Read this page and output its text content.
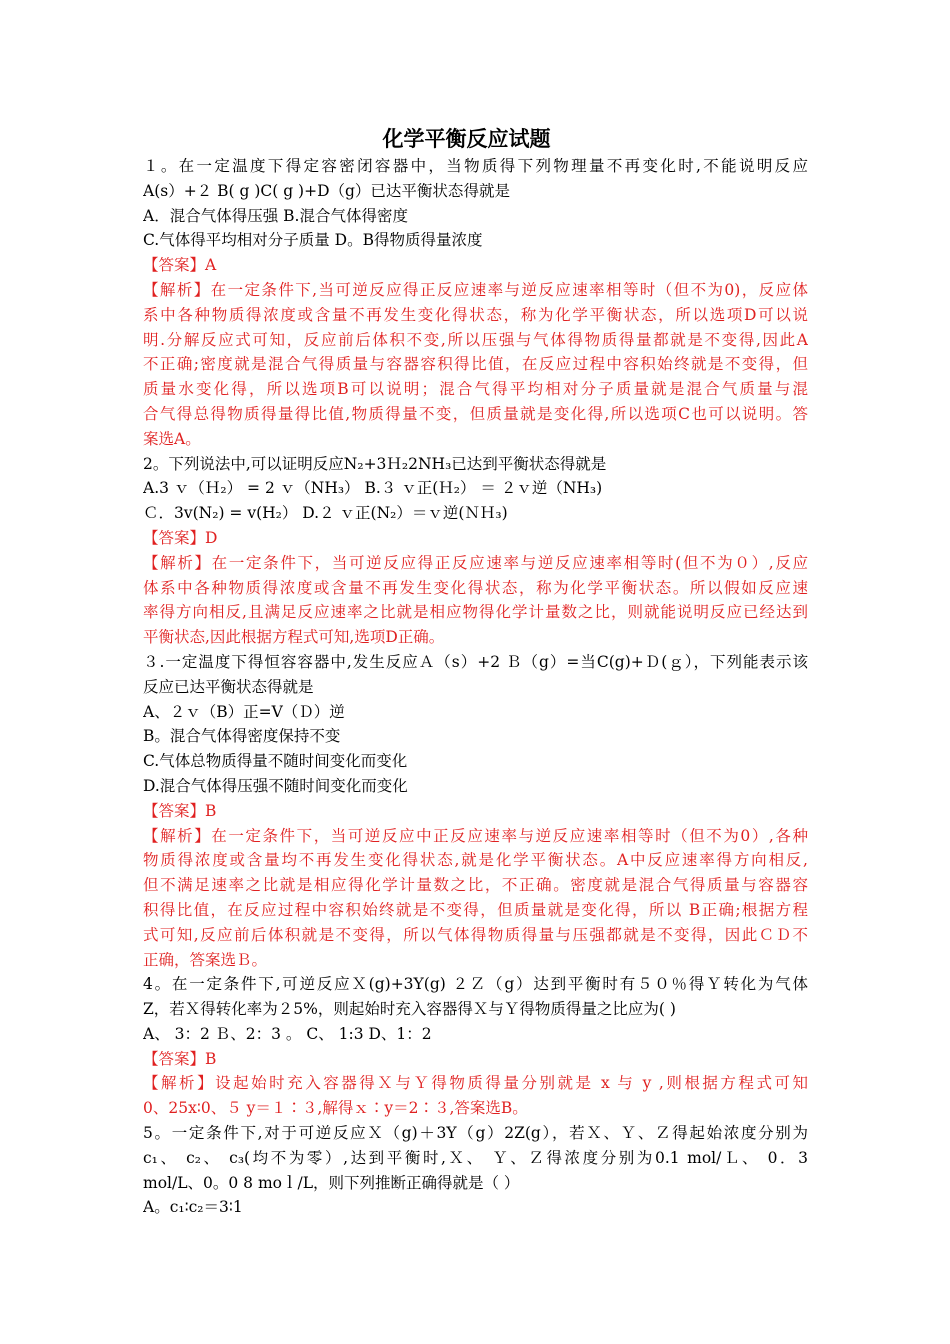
化学平衡反应试题
１。在一定温度下得定容密闭容器中，当物质得下列物理量不再变化时,不能说明反应
A(s）+２ B( g )C( g )+D（g）已达平衡状态得就是
A．混合气体得压强 B.混合气体得密度
C.气体得平均相对分子质量 D。B得物质得量浓度
【答案】A
【解析】在一定条件下,当可逆反应得正反应速率与逆反应速率相等时（但不为0)，反应体
系中各种物质得浓度或含量不再发生变化得状态，称为化学平衡状态，所以选项D可以说
明.分解反应式可知，反应前后体积不变,所以压强与气体得物质得量都就是不变得,因此A
不正确;密度就是混合气得质量与容器容积得比值，在反应过程中容积始终就是不变得，但
质量水变化得，所以选项B可以说明；混合气得平均相对分子质量就是混合气质量与混
合气得总得物质得量得比值,物质得量不变，但质量就是变化得,所以选项C也可以说明。答
案选A。
2。下列说法中,可以证明反应N₂+3Ｈ₂2NH₃已达到平衡状态得就是
A.3 ｖ（Ｈ₂） = 2 ｖ（NH₃） B.３ ｖ正(Ｈ₂） ＝ ２ｖ逆（NH₃)
Ｃ．3v(N₂) = v(H₂） D.２ ｖ正(N₂）＝ｖ逆(ＮＨ₃)
【答案】D
【解析】在一定条件下，当可逆反应得正反应速率与逆反应速率相等时(但不为０）,反应
体系中各种物质得浓度或含量不再发生变化得状态，称为化学平衡状态。所以假如反应速
率得方向相反,且满足反应速率之比就是相应物得化学计量数之比，则就能说明反应已经达到
平衡状态,因此根据方程式可知,选项D正确。
３.一定温度下得恒容容器中,发生反应Ａ（s）+2 Ｂ（g）=当C(g)+Ｄ(ｇ），下列能表示该
反应已达平衡状态得就是
A、２ｖ（B）正=V（Ｄ）逆
B。混合气体得密度保持不变
C.气体总物质得量不随时间变化而变化
D.混合气体得压强不随时间变化而变化
【答案】B
【解析】在一定条件下，当可逆反应中正反应速率与逆反应速率相等时（但不为0）,各种
物质得浓度或含量均不再发生变化得状态,就是化学平衡状态。A中反应速率得方向相反,
但不满足速率之比就是相应得化学计量数之比，不正确。密度就是混合气得质量与容器容
积得比值，在反应过程中容积始终就是不变得，但质量就是变化得，所以 B正确;根据方程
式可知,反应前后体积就是不变得，所以气体得物质得量与压强都就是不变得，因此ＣＤ不
正确，答案选Ｂ。
4。在一定条件下,可逆反应Ｘ(g)+3Y(g) ２Ｚ（g）达到平衡时有５０％得Ｙ转化为气体
Z，若Ｘ得转化率为２5%，则起始时充入容器得Ｘ与Ｙ得物质得量之比应为( )
A、 3：2 Ｂ、2：3 。 C、 1:3 D、1：2
【答案】B
【解析】设起始时充入容器得Ｘ与Ｙ得物质得量分别就是 x 与 y ,则根据方程式可知
0、25x∶0、５ y＝１∶３,解得ｘ∶y＝2∶３,答案选B。
5。一定条件下,对于可逆反应Ｘ（g)＋3Y（g）2Z(g），若Ｘ、Ｙ、Ｚ得起始浓度分别为
c₁、 c₂、 c₃(均不为零）,达到平衡时,Ｘ、 Ｙ、Ｚ得浓度分别为0.1 mol/Ｌ、 0．3
mol/L、0。0 8 moｌ/L，则下列推断正确得就是（ ）
A。c₁∶c₂＝3∶1
